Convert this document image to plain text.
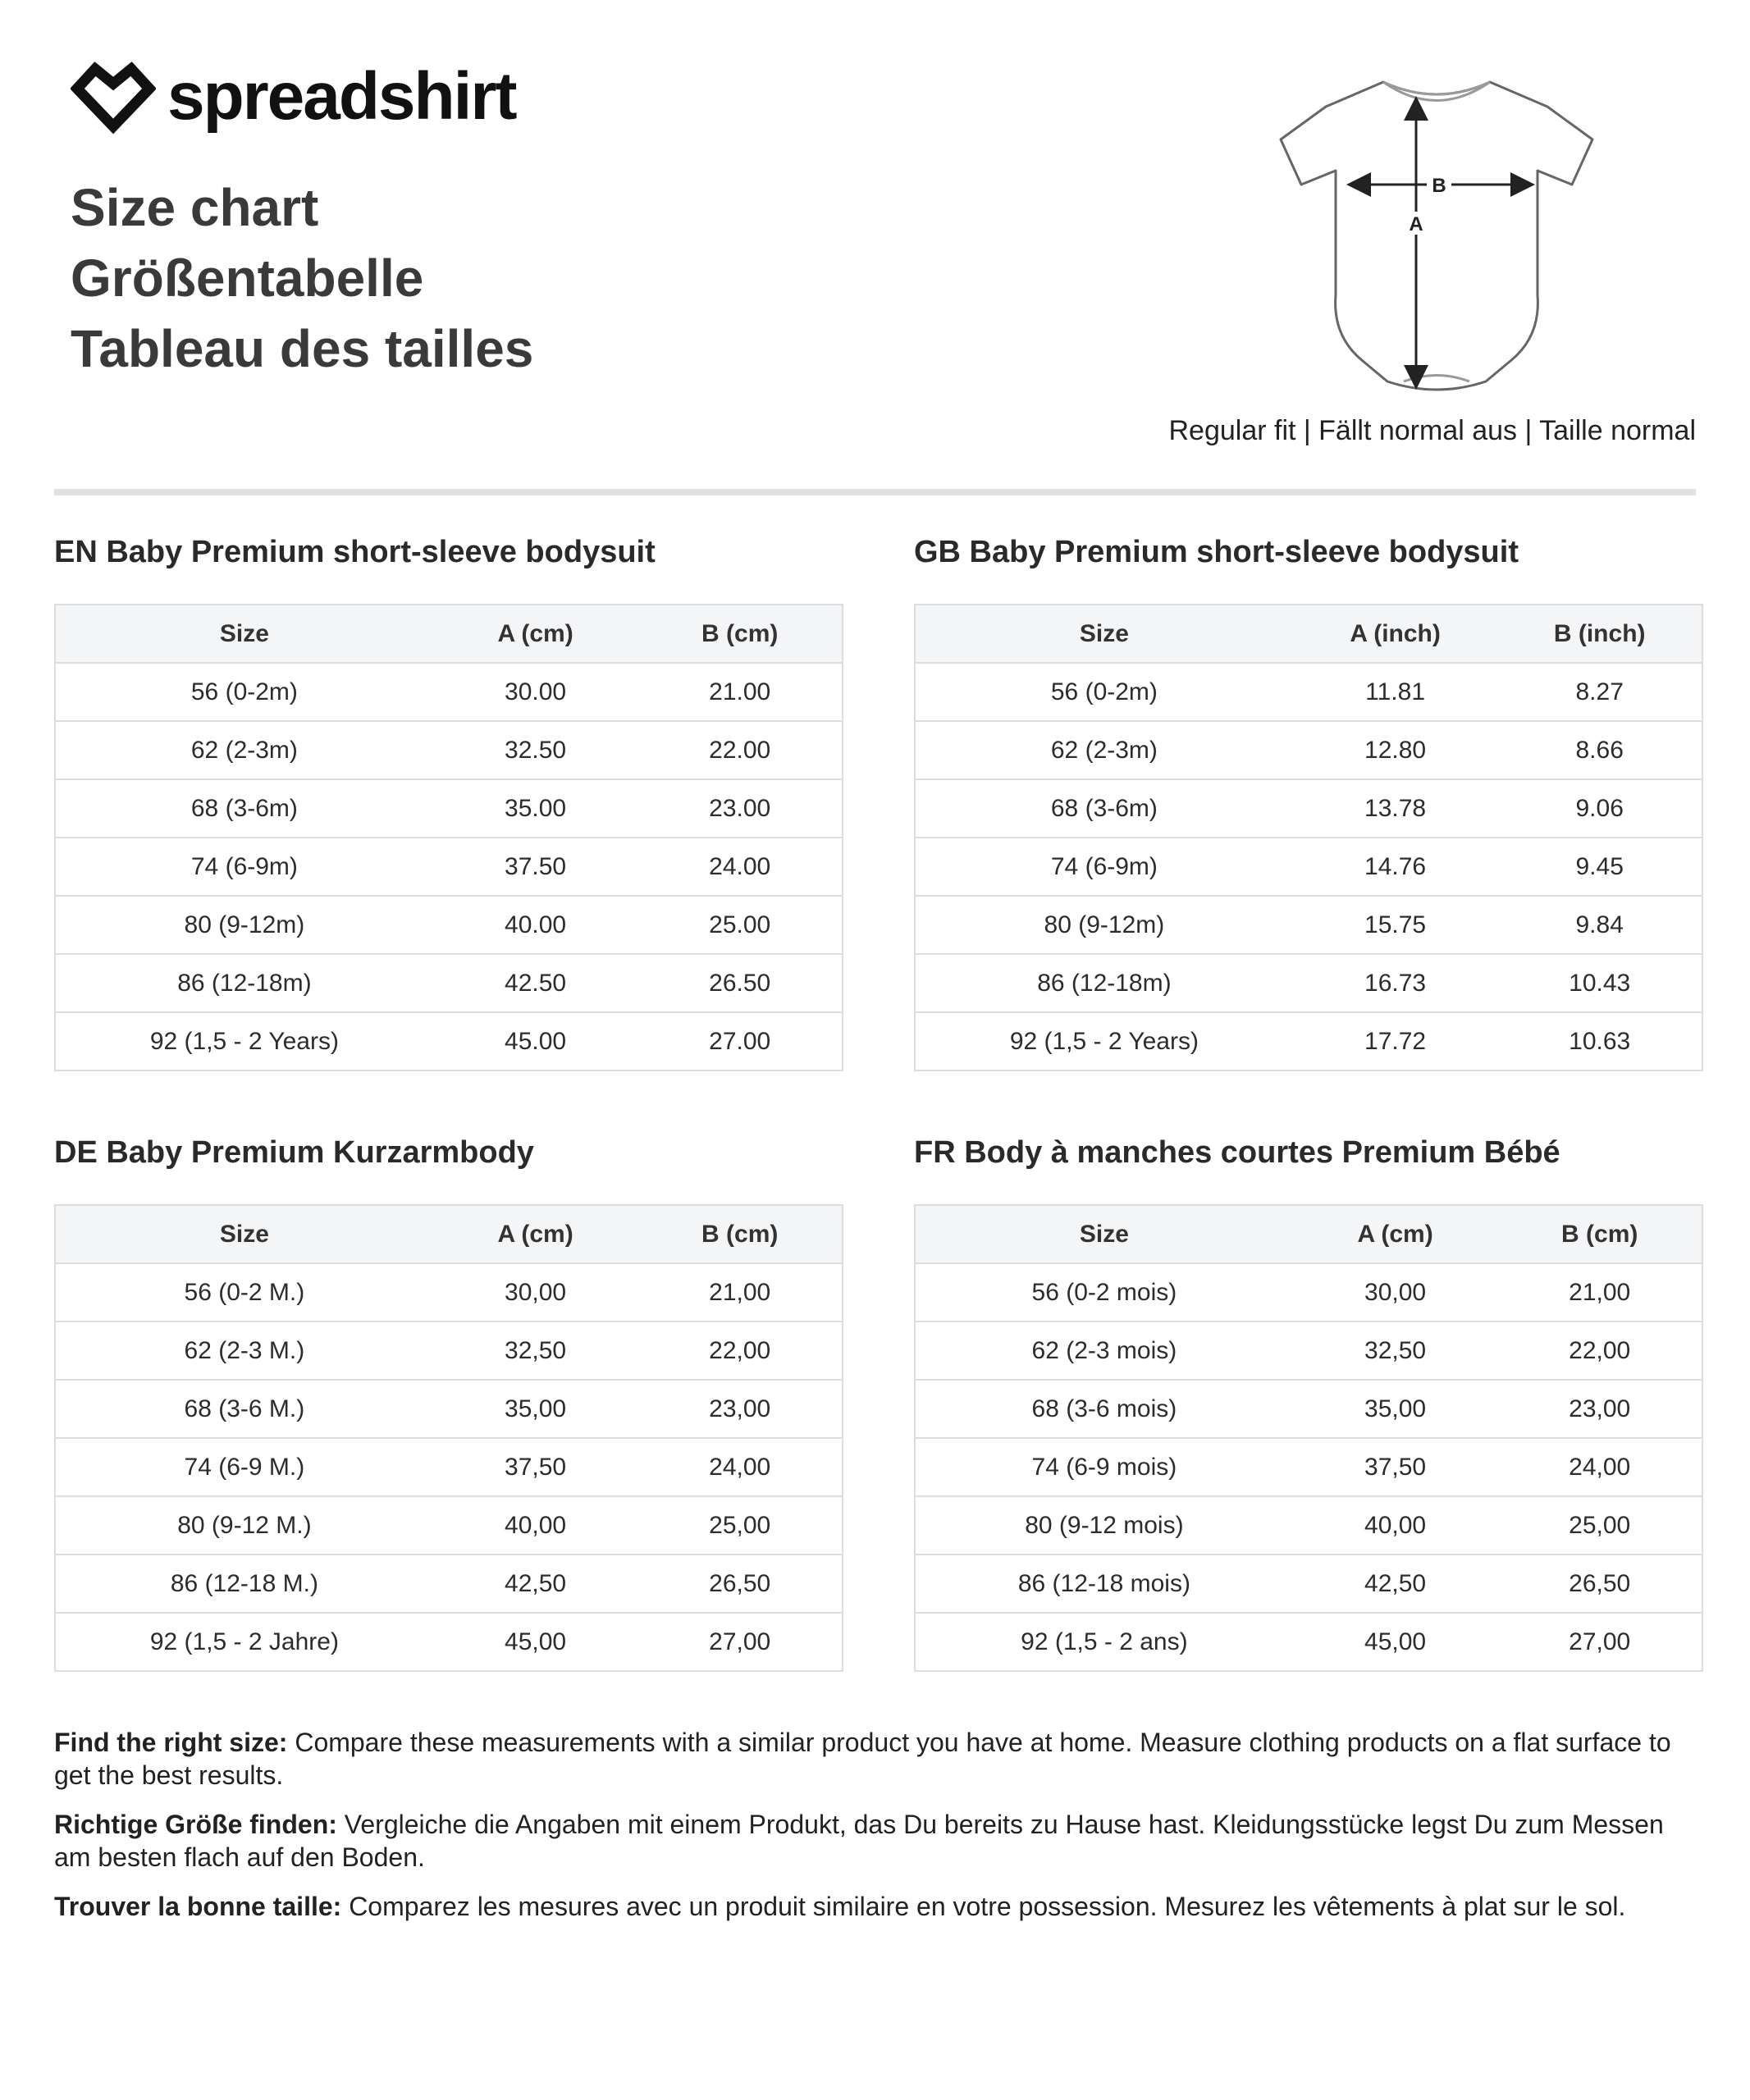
spreadshirt
Size chart
Größentabelle
Tableau des tailles
B
A
Regular fit | Fällt normal aus | Taille normal
EN Baby Premium short-sleeve bodysuit
Size	A (cm)	B (cm)
56 (0-2m)	30.00	21.00
62 (2-3m)	32.50	22.00
68 (3-6m)	35.00	23.00
74 (6-9m)	37.50	24.00
80 (9-12m)	40.00	25.00
86 (12-18m)	42.50	26.50
92 (1,5 - 2 Years)	45.00	27.00
GB Baby Premium short-sleeve bodysuit
Size	A (inch)	B (inch)
56 (0-2m)	11.81	8.27
62 (2-3m)	12.80	8.66
68 (3-6m)	13.78	9.06
74 (6-9m)	14.76	9.45
80 (9-12m)	15.75	9.84
86 (12-18m)	16.73	10.43
92 (1,5 - 2 Years)	17.72	10.63
DE Baby Premium Kurzarmbody
Size	A (cm)	B (cm)
56 (0-2 M.)	30,00	21,00
62 (2-3 M.)	32,50	22,00
68 (3-6 M.)	35,00	23,00
74 (6-9 M.)	37,50	24,00
80 (9-12 M.)	40,00	25,00
86 (12-18 M.)	42,50	26,50
92 (1,5 - 2 Jahre)	45,00	27,00
FR Body à manches courtes Premium Bébé
Size	A (cm)	B (cm)
56 (0-2 mois)	30,00	21,00
62 (2-3 mois)	32,50	22,00
68 (3-6 mois)	35,00	23,00
74 (6-9 mois)	37,50	24,00
80 (9-12 mois)	40,00	25,00
86 (12-18 mois)	42,50	26,50
92 (1,5 - 2 ans)	45,00	27,00

Find the right size: Compare these measurements with a similar product you have at home. Measure clothing products on a flat surface to get the best results.

Richtige Größe finden: Vergleiche die Angaben mit einem Produkt, das Du bereits zu Hause hast. Kleidungsstücke legst Du zum Messen am besten flach auf den Boden.

Trouver la bonne taille: Comparez les mesures avec un produit similaire en votre possession. Mesurez les vêtements à plat sur le sol.
